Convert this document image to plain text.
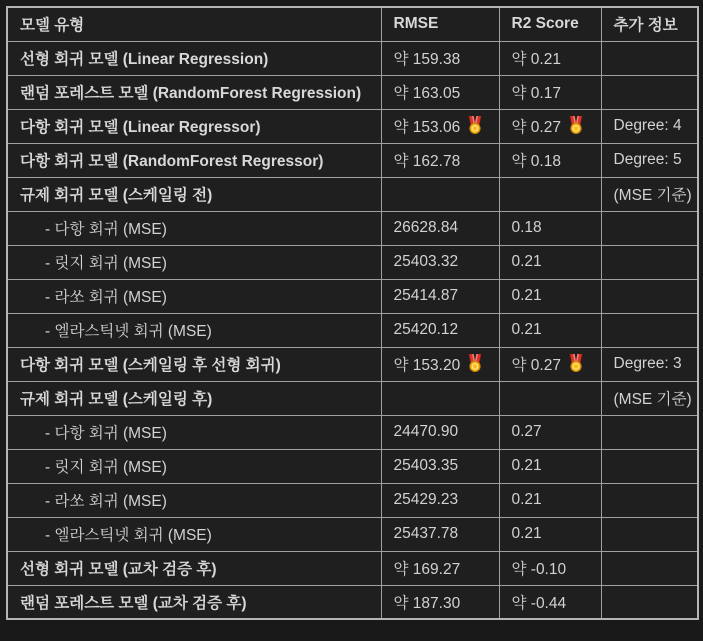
모델 유형	RMSE	R2 Score	추가 정보
선형 회귀 모델 (Linear Regression)	약 159.38	약 0.21	
랜덤 포레스트 모델 (RandomForest Regression)	약 163.05	약 0.17	
다항 회귀 모델 (Linear Regressor)	약 153.06	약 0.27	Degree: 4
다항 회귀 모델 (RandomForest Regressor)	약 162.78	약 0.18	Degree: 5
규제 회귀 모델 (스케일링 전)			(MSE 기준)
- 다항 회귀 (MSE)	26628.84	0.18	
- 릿지 회귀 (MSE)	25403.32	0.21	
- 라쏘 회귀 (MSE)	25414.87	0.21	
- 엘라스틱넷 회귀 (MSE)	25420.12	0.21	
다항 회귀 모델 (스케일링 후 선형 회귀)	약 153.20	약 0.27	Degree: 3
규제 회귀 모델 (스케일링 후)			(MSE 기준)
- 다항 회귀 (MSE)	24470.90	0.27	
- 릿지 회귀 (MSE)	25403.35	0.21	
- 라쏘 회귀 (MSE)	25429.23	0.21	
- 엘라스틱넷 회귀 (MSE)	25437.78	0.21	
선형 회귀 모델 (교차 검증 후)	약 169.27	약 -0.10	
랜덤 포레스트 모델 (교차 검증 후)	약 187.30	약 -0.44	
